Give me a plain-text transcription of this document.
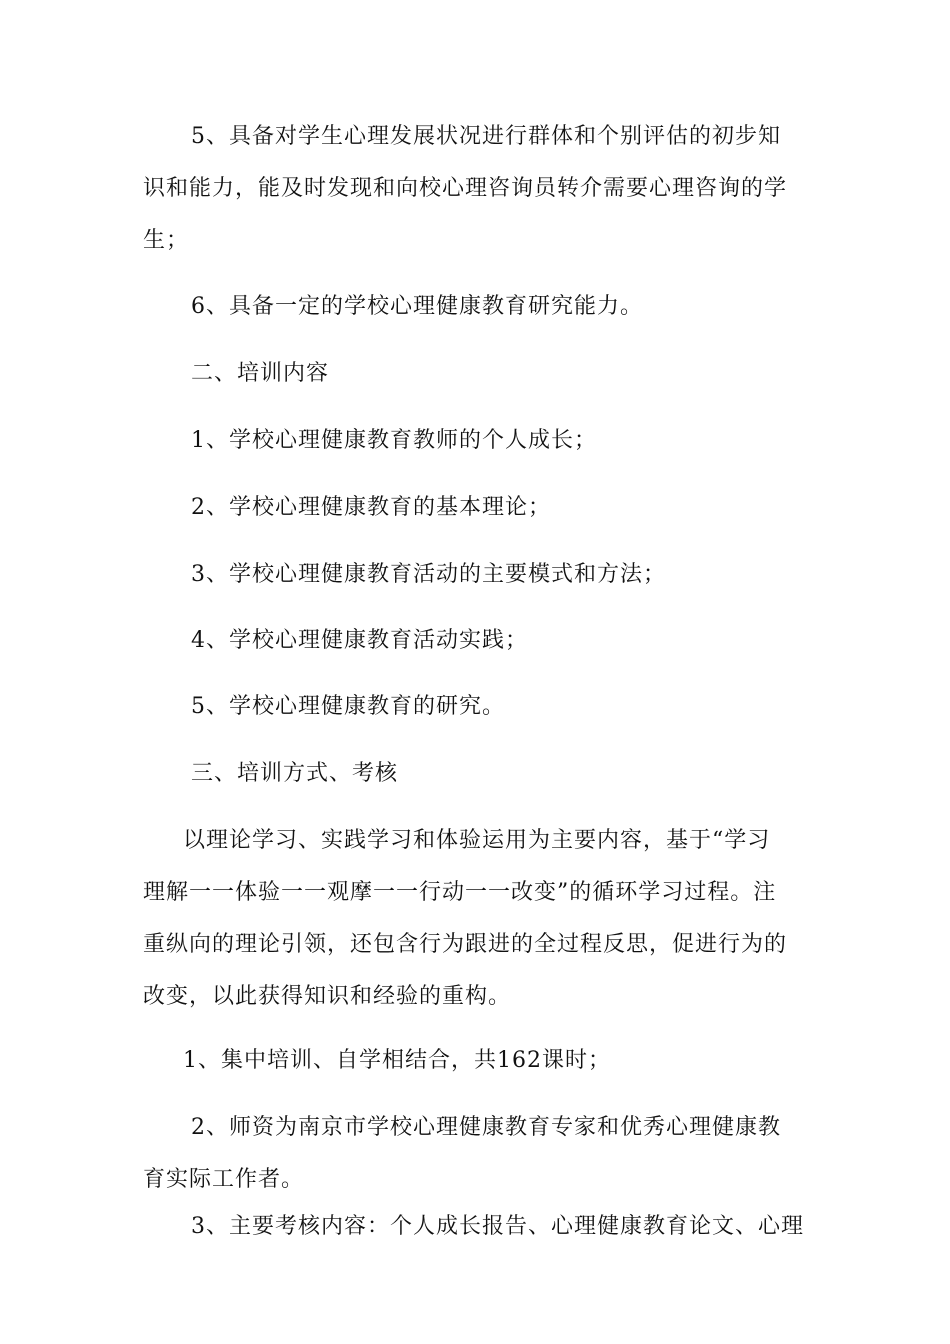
5、具备对学生心理发展状况进行群体和个别评估的初步知
识和能力，能及时发现和向校心理咨询员转介需要心理咨询的学
生；

6、具备一定的学校心理健康教育研究能力。

二、培训内容

1、学校心理健康教育教师的个人成长；

2、学校心理健康教育的基本理论；

3、学校心理健康教育活动的主要模式和方法；

4、学校心理健康教育活动实践；

5、学校心理健康教育的研究。

三、培训方式、考核

以理论学习、实践学习和体验运用为主要内容，基于“学习
理解一一体验一一观摩一一行动一一改变”的循环学习过程。注
重纵向的理论引领，还包含行为跟进的全过程反思，促进行为的
改变，以此获得知识和经验的重构。

1、集中培训、自学相结合，共162课时；

2、师资为南京市学校心理健康教育专家和优秀心理健康教
育实际工作者。

3、主要考核内容：个人成长报告、心理健康教育论文、心理
